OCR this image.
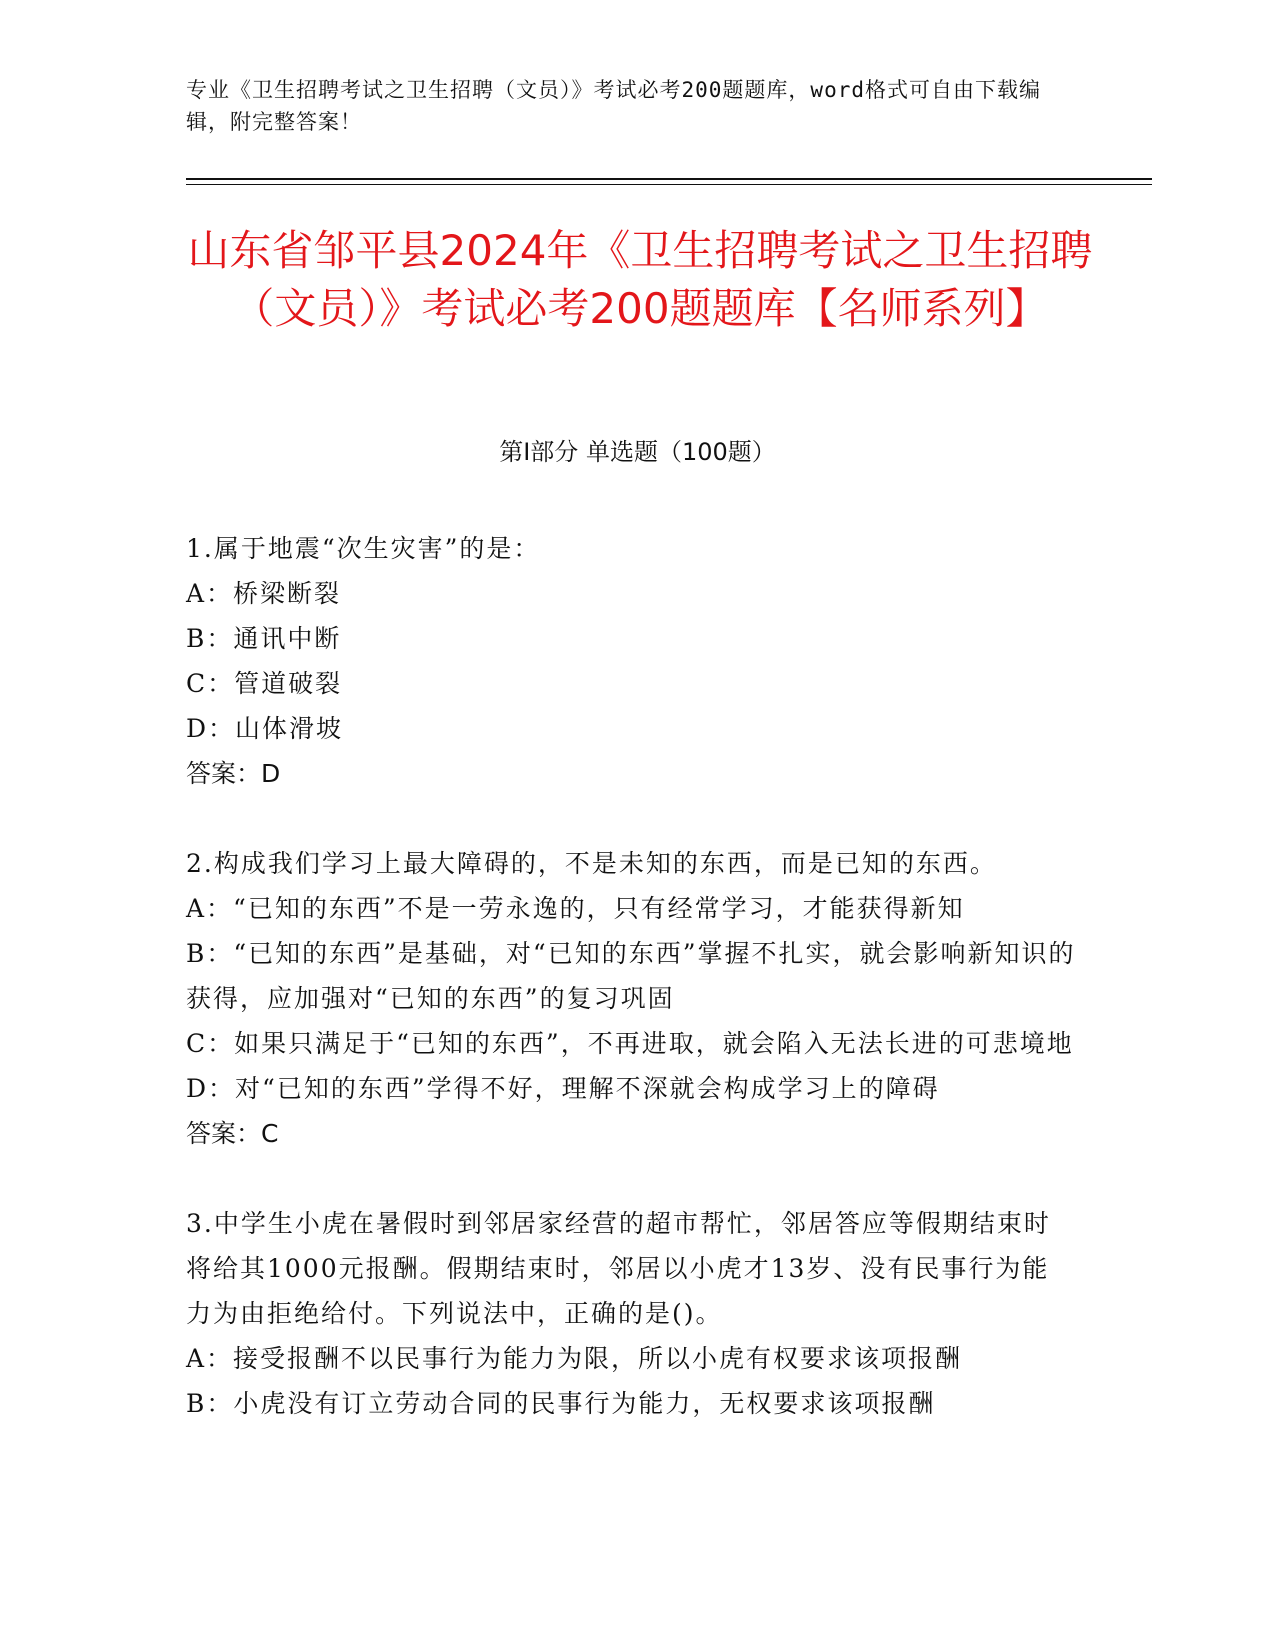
专业《卫生招聘考试之卫生招聘（文员）》考试必考200题题库，word格式可自由下载编辑，附完整答案！
山东省邹平县2024年《卫生招聘考试之卫生招聘（文员）》考试必考200题题库【名师系列】
第Ⅰ部分 单选题（100题）
1.属于地震“次生灾害”的是：
A：桥梁断裂
B：通讯中断
C：管道破裂
D：山体滑坡
答案：D
2.构成我们学习上最大障碍的，不是未知的东西，而是已知的东西。
A：“已知的东西”不是一劳永逸的，只有经常学习，才能获得新知
B：“已知的东西”是基础，对“已知的东西”掌握不扎实，就会影响新知识的获得，应加强对“已知的东西”的复习巩固
C：如果只满足于“已知的东西”，不再进取，就会陷入无法长进的可悲境地
D：对“已知的东西”学得不好，理解不深就会构成学习上的障碍
答案：C
3.中学生小虎在暑假时到邻居家经营的超市帮忙，邻居答应等假期结束时将给其1000元报酬。假期结束时，邻居以小虎才13岁、没有民事行为能力为由拒绝给付。下列说法中，正确的是()。
A：接受报酬不以民事行为能力为限，所以小虎有权要求该项报酬
B：小虎没有订立劳动合同的民事行为能力，无权要求该项报酬
